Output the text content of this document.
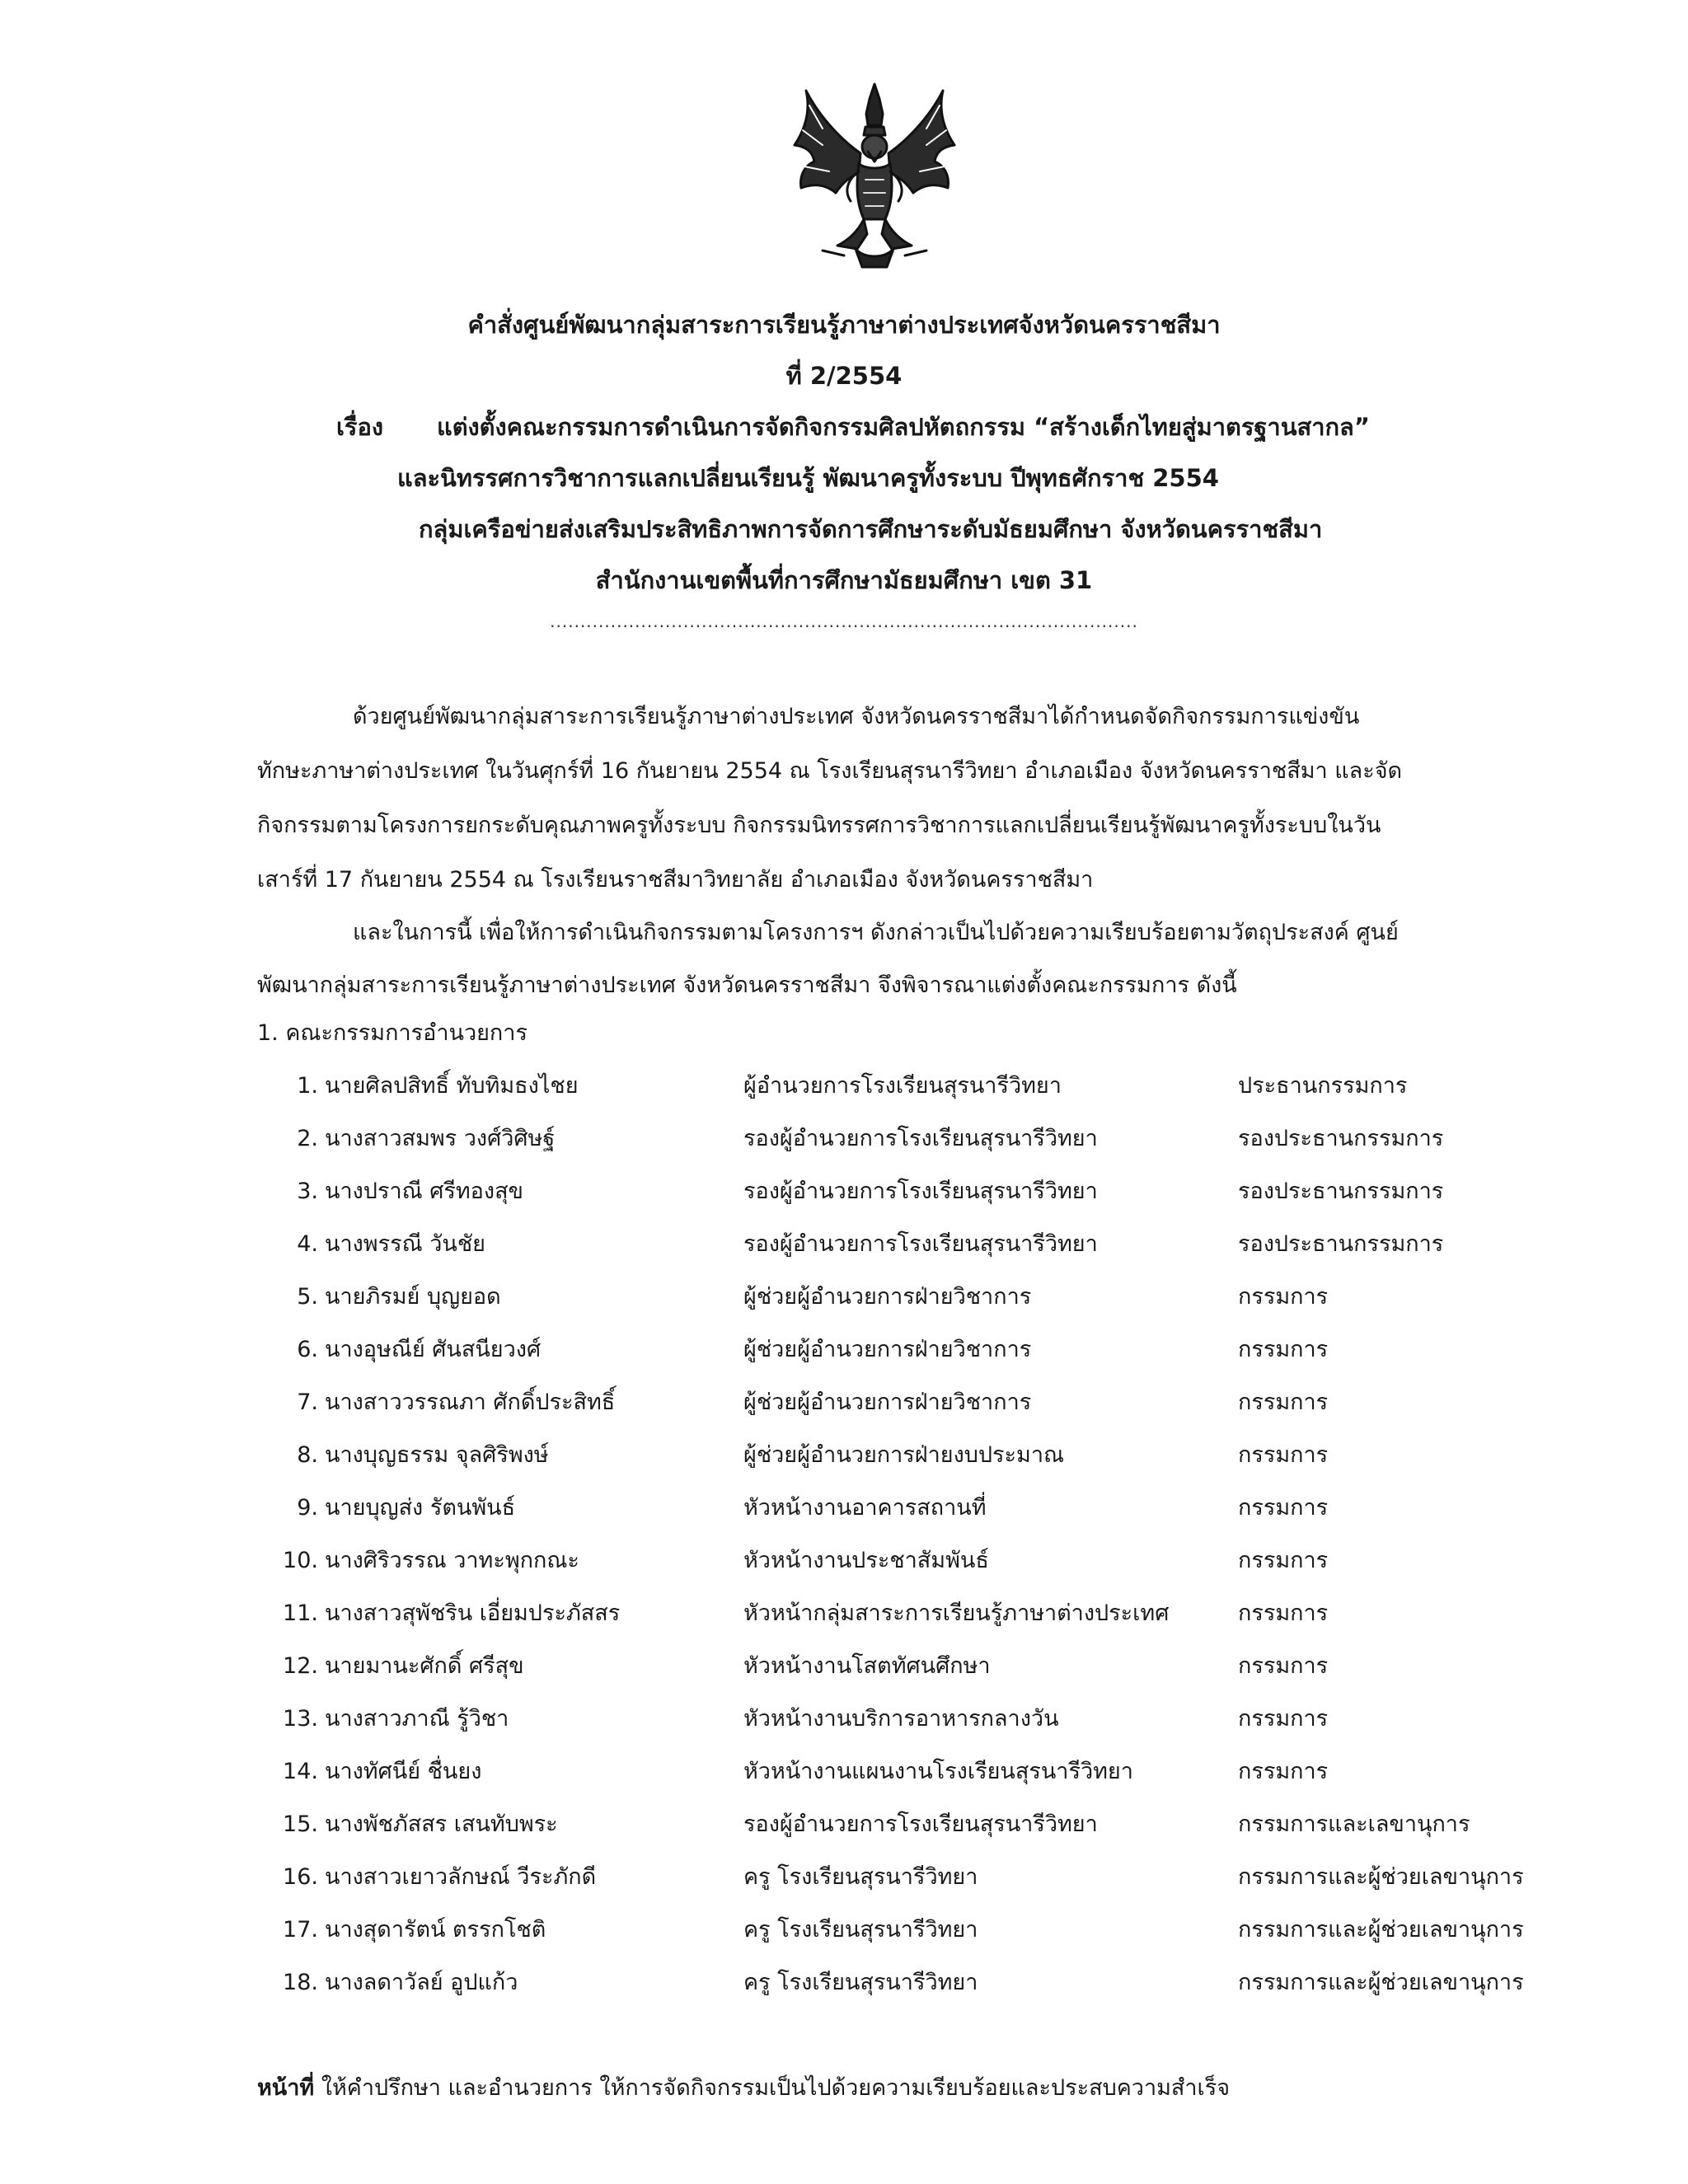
คำสั่งศูนย์พัฒนากลุ่มสาระการเรียนรู้ภาษาต่างประเทศจังหวัดนครราชสีมา
ที่ 2/2554
เรื่อง แต่งตั้งคณะกรรมการดำเนินการจัดกิจกรรมศิลปหัตถกรรม “สร้างเด็กไทยสู่มาตรฐานสากล”
และนิทรรศการวิชาการแลกเปลี่ยนเรียนรู้ พัฒนาครูทั้งระบบ ปีพุทธศักราช 2554
กลุ่มเครือข่ายส่งเสริมประสิทธิภาพการจัดการศึกษาระดับมัธยมศึกษา จังหวัดนครราชสีมา
สำนักงานเขตพื้นที่การศึกษามัธยมศึกษา เขต 31
.................................................................................................
ด้วยศูนย์พัฒนากลุ่มสาระการเรียนรู้ภาษาต่างประเทศ จังหวัดนครราชสีมาได้กำหนดจัดกิจกรรมการแข่งขัน
ทักษะภาษาต่างประเทศ ในวันศุกร์ที่ 16 กันยายน 2554 ณ โรงเรียนสุรนารีวิทยา อำเภอเมือง จังหวัดนครราชสีมา และจัด
กิจกรรมตามโครงการยกระดับคุณภาพครูทั้งระบบ กิจกรรมนิทรรศการวิชาการแลกเปลี่ยนเรียนรู้พัฒนาครูทั้งระบบในวัน
เสาร์ที่ 17 กันยายน 2554 ณ โรงเรียนราชสีมาวิทยาลัย อำเภอเมือง จังหวัดนครราชสีมา
และในการนี้ เพื่อให้การดำเนินกิจกรรมตามโครงการฯ ดังกล่าวเป็นไปด้วยความเรียบร้อยตามวัตถุประสงค์ ศูนย์
พัฒนากลุ่มสาระการเรียนรู้ภาษาต่างประเทศ จังหวัดนครราชสีมา จึงพิจารณาแต่งตั้งคณะกรรมการ ดังนี้
1. คณะกรรมการอำนวยการ
1. นายศิลปสิทธิ์ ทับทิมธงไชย	ผู้อำนวยการโรงเรียนสุรนารีวิทยา	ประธานกรรมการ
2. นางสาวสมพร วงศ์วิศิษฐ์	รองผู้อำนวยการโรงเรียนสุรนารีวิทยา	รองประธานกรรมการ
3. นางปราณี ศรีทองสุข	รองผู้อำนวยการโรงเรียนสุรนารีวิทยา	รองประธานกรรมการ
4. นางพรรณี วันชัย	รองผู้อำนวยการโรงเรียนสุรนารีวิทยา	รองประธานกรรมการ
5. นายภิรมย์ บุญยอด	ผู้ช่วยผู้อำนวยการฝ่ายวิชาการ	กรรมการ
6. นางอุษณีย์ ศันสนียวงศ์	ผู้ช่วยผู้อำนวยการฝ่ายวิชาการ	กรรมการ
7. นางสาววรรณภา ศักดิ์ประสิทธิ์	ผู้ช่วยผู้อำนวยการฝ่ายวิชาการ	กรรมการ
8. นางบุญธรรม จุลศิริพงษ์	ผู้ช่วยผู้อำนวยการฝ่ายงบประมาณ	กรรมการ
9. นายบุญส่ง รัตนพันธ์	หัวหน้างานอาคารสถานที่	กรรมการ
10. นางศิริวรรณ วาทะพุกกณะ	หัวหน้างานประชาสัมพันธ์	กรรมการ
11. นางสาวสุพัชริน เอี่ยมประภัสสร	หัวหน้ากลุ่มสาระการเรียนรู้ภาษาต่างประเทศ	กรรมการ
12. นายมานะศักดิ์ ศรีสุข	หัวหน้างานโสตทัศนศึกษา	กรรมการ
13. นางสาวภาณี รู้วิชา	หัวหน้างานบริการอาหารกลางวัน	กรรมการ
14. นางทัศนีย์ ชื่นยง	หัวหน้างานแผนงานโรงเรียนสุรนารีวิทยา	กรรมการ
15. นางพัชภัสสร เสนทับพระ	รองผู้อำนวยการโรงเรียนสุรนารีวิทยา	กรรมการและเลขานุการ
16. นางสาวเยาวลักษณ์ วีระภักดี	ครู โรงเรียนสุรนารีวิทยา	กรรมการและผู้ช่วยเลขานุการ
17. นางสุดารัตน์ ตรรกโชติ	ครู โรงเรียนสุรนารีวิทยา	กรรมการและผู้ช่วยเลขานุการ
18. นางลดาวัลย์ อูปแก้ว	ครู โรงเรียนสุรนารีวิทยา	กรรมการและผู้ช่วยเลขานุการ
หน้าที่ ให้คำปรึกษา และอำนวยการ ให้การจัดกิจกรรมเป็นไปด้วยความเรียบร้อยและประสบความสำเร็จ
